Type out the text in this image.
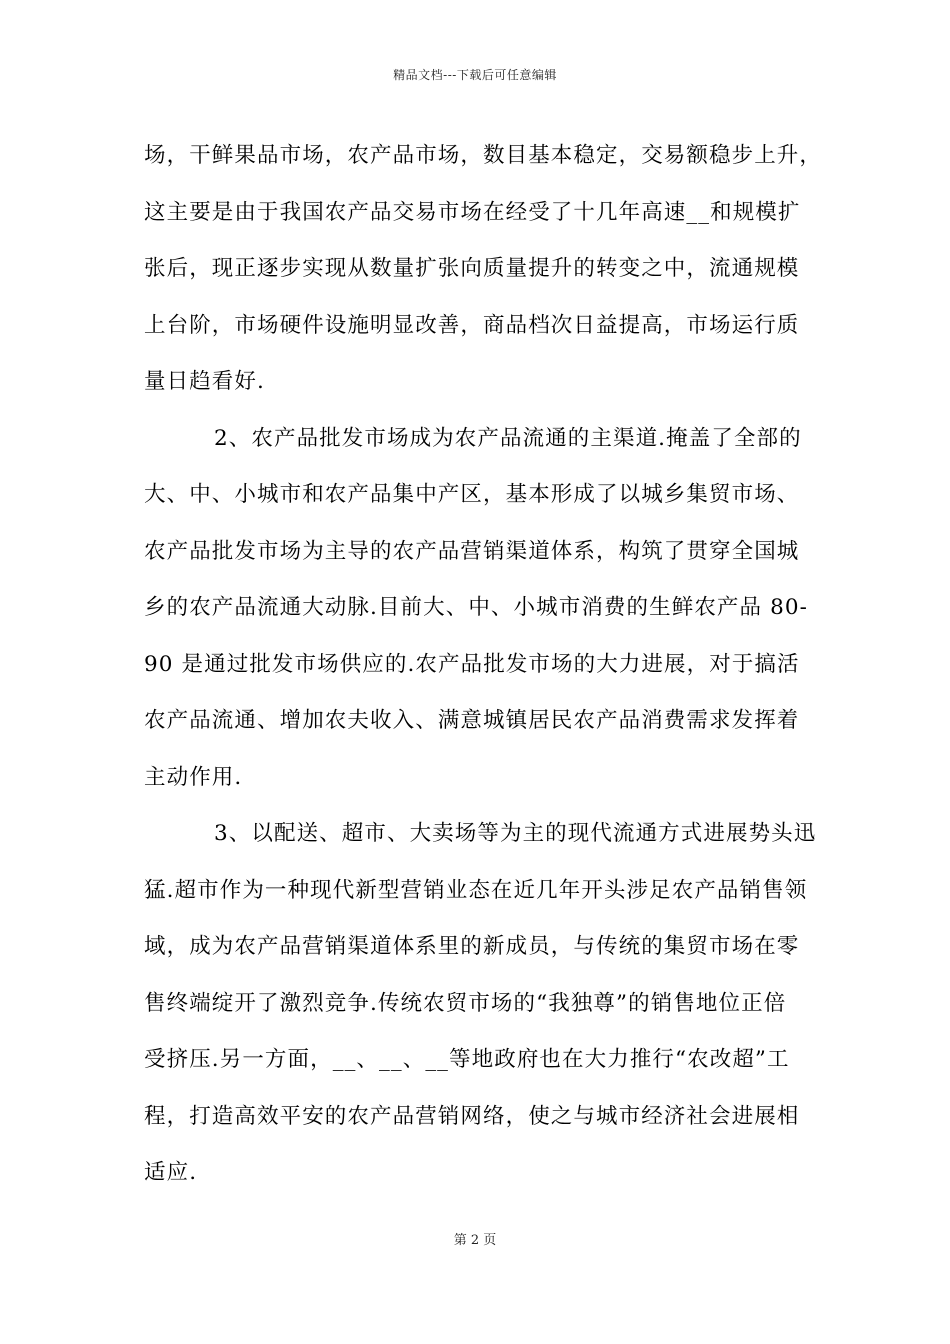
精品文档---下载后可任意编辑
场，干鲜果品市场，农产品市场，数目基本稳定，交易额稳步上升，
这主要是由于我国农产品交易市场在经受了十几年高速__和规模扩
张后，现正逐步实现从数量扩张向质量提升的转变之中，流通规模
上台阶，市场硬件设施明显改善，商品档次日益提高，市场运行质
量日趋看好.
2、农产品批发市场成为农产品流通的主渠道.掩盖了全部的
大、中、小城市和农产品集中产区，基本形成了以城乡集贸市场、
农产品批发市场为主导的农产品营销渠道体系，构筑了贯穿全国城
乡的农产品流通大动脉.目前大、中、小城市消费的生鲜农产品 80-
90 是通过批发市场供应的.农产品批发市场的大力进展，对于搞活
农产品流通、增加农夫收入、满意城镇居民农产品消费需求发挥着
主动作用.
3、以配送、超市、大卖场等为主的现代流通方式进展势头迅
猛.超市作为一种现代新型营销业态在近几年开头涉足农产品销售领
域，成为农产品营销渠道体系里的新成员，与传统的集贸市场在零
售终端绽开了激烈竞争.传统农贸市场的“我独尊”的销售地位正倍
受挤压.另一方面，__、__、__等地政府也在大力推行“农改超”工
程，打造高效平安的农产品营销网络，使之与城市经济社会进展相
适应.
第 2 页
